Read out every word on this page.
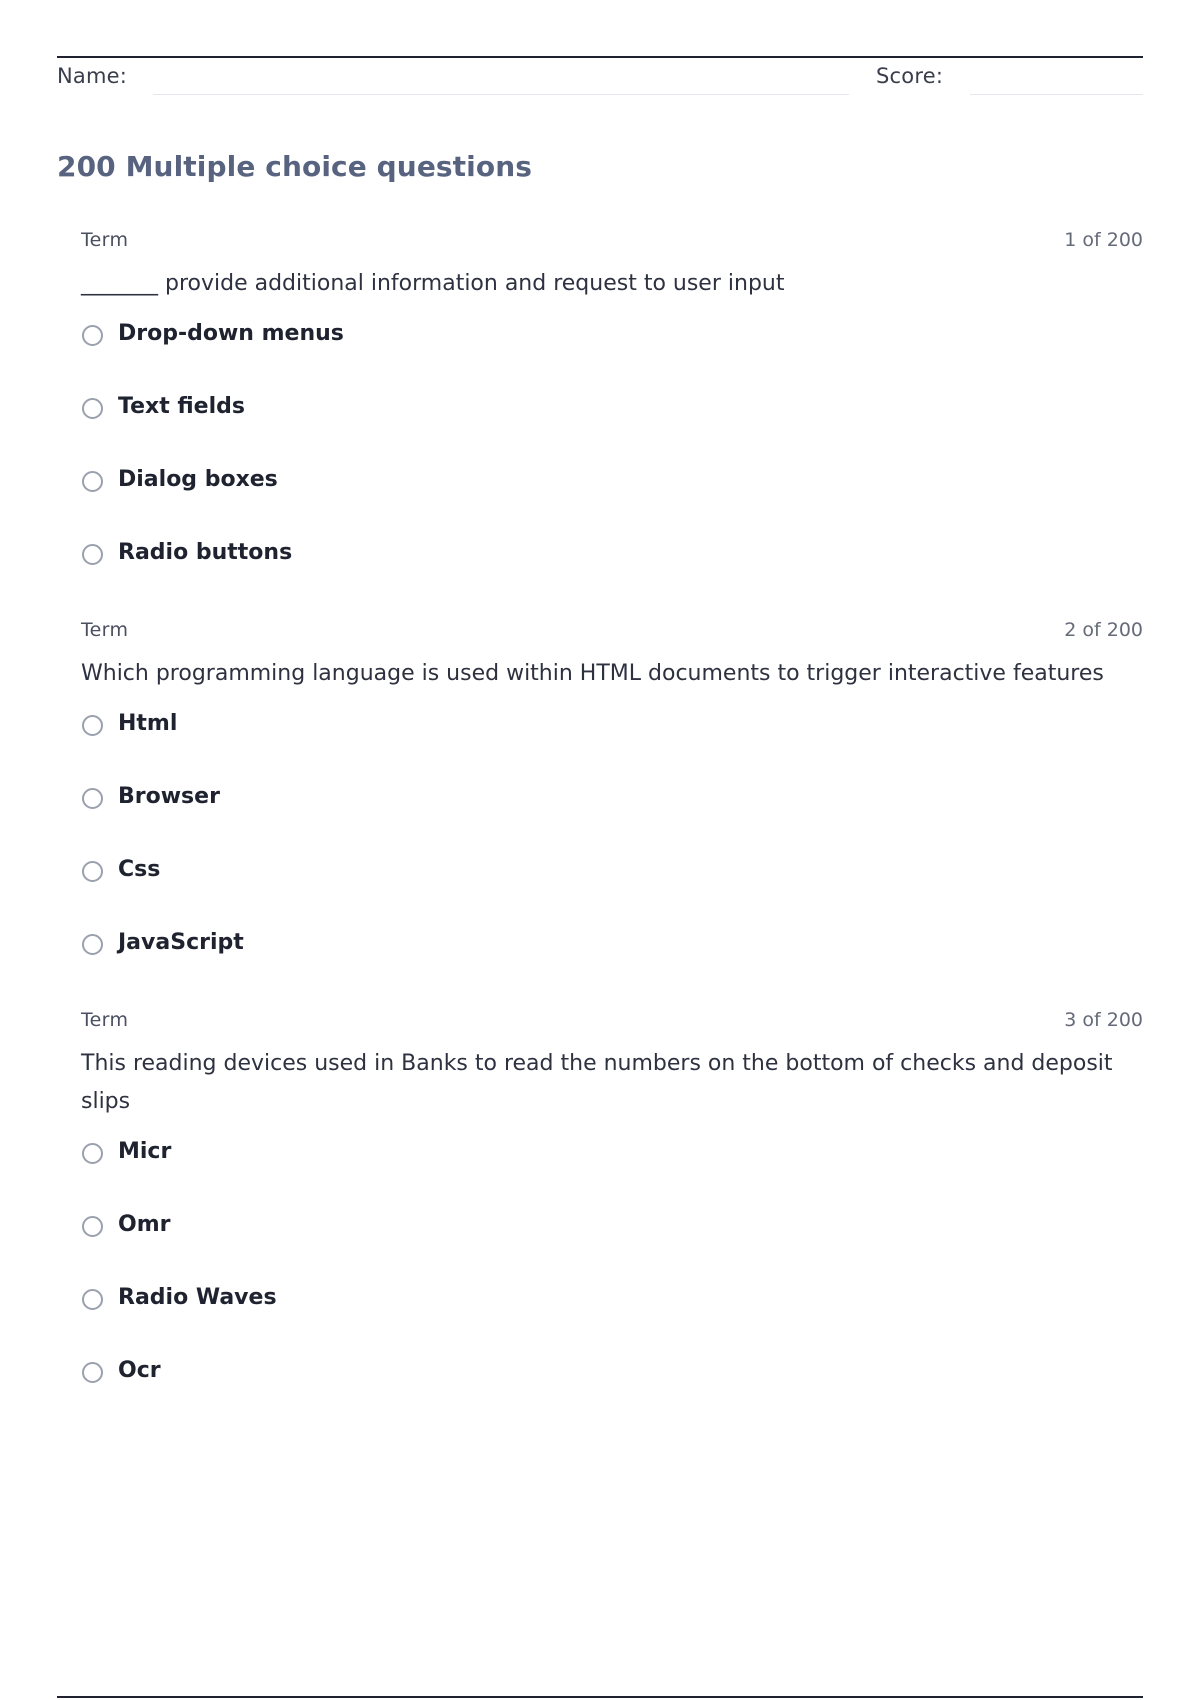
Name:	Score:
200 Multiple choice questions
Term	1 of 200
_______ provide additional information and request to user input
Drop-down menus
Text fields
Dialog boxes
Radio buttons
Term	2 of 200
Which programming language is used within HTML documents to trigger interactive features
Html
Browser
Css
JavaScript
Term	3 of 200
This reading devices used in Banks to read the numbers on the bottom of checks and deposit slips
Micr
Omr
Radio Waves
Ocr
